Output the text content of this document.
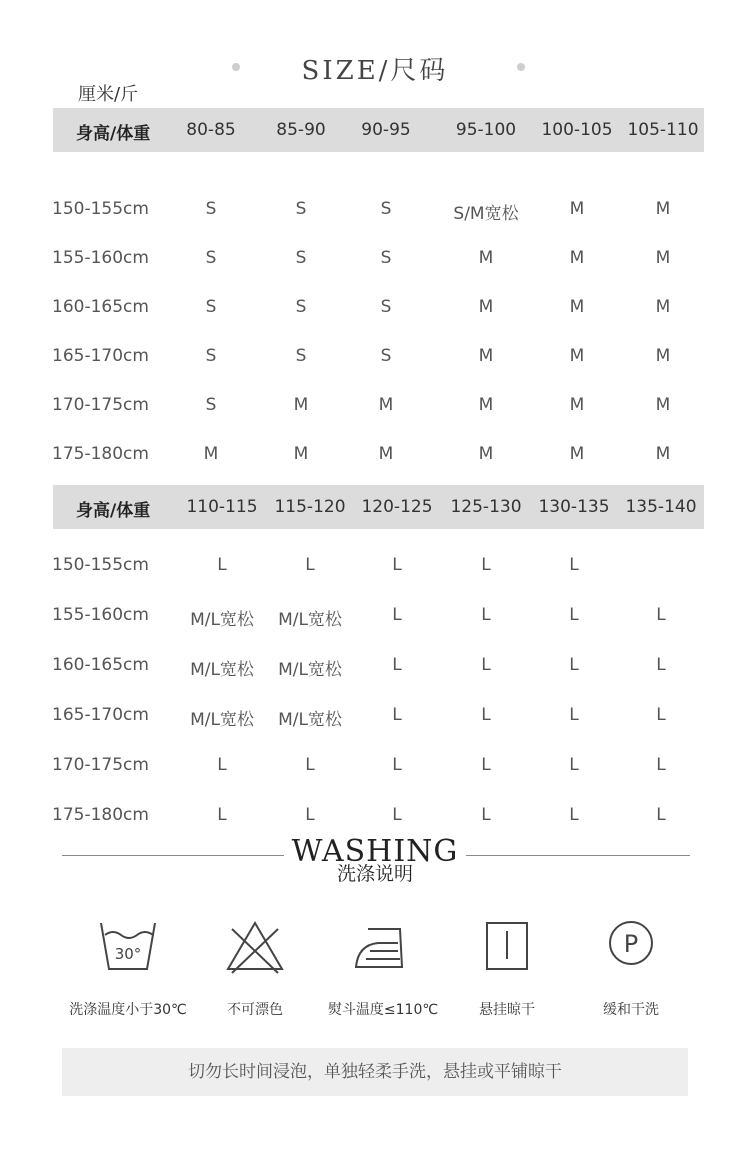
SIZE/尺码
厘米/斤
身高/体重 80-85 85-90 90-95	95-100 100-105 105-110
150-155cm	S	S	S	S/M宽松	M	M
155-160cm	S	S	S	M	M	M
160-165cm	S	S	S	M	M	M
165-170cm	S	S	S	M	M	M
170-175cm	S	M	M	M	M	M
175-180cm	M	M	M	M	M	M
身高/体重 110-115 115-120 120-125 125-130 130-135 135-140
150-155cm	L	L	L	L	L
155-160cm M/L宽松 M/L宽松	L	L	L	L
160-165cm M/L宽松 M/L宽松	L	L	L	L
165-170cm M/L宽松 M/L宽松	L	L	L	L
170-175cm	L	L	L	L	L	L
175-180cm	L	L	L	L	L	L
WASHING
洗涤说明
30°
洗涤温度小于30℃	不可漂色	熨斗温度≤110℃	悬挂晾干
P
缓和干洗
切勿长时间浸泡，单独轻柔手洗，悬挂或平铺晾干
